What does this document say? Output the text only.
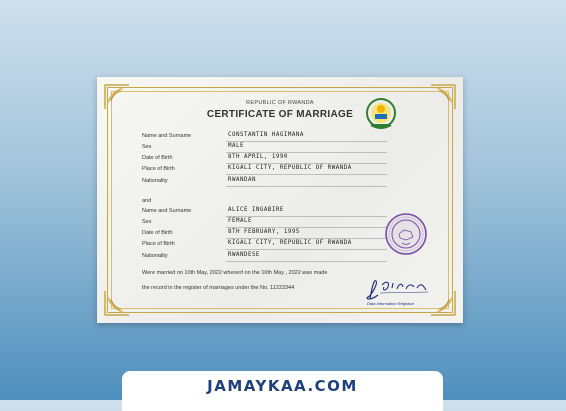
REPUBLIC OF RWANDA
CERTIFICATE OF MARRIAGE
Name and Surname	CONSTANTIN HAGIMANA
Sex	MALE
Date of Birth	8TH APRIL, 1990
Place of Birth	KIGALI CITY, REPUBLIC OF RWANDA
Nationality	RWANDAN
and
Name and Surname	ALICE INGABIRE
Sex	FEMALE
Date of Birth	8TH FEBRUARY, 1995
Place of Birth	KIGALI CITY, REPUBLIC OF RWANDA
Nationality	RWANDESE
Were married on 10th May, 2022 whereof on the 10th May , 2022 was made
the record in the register of marriages under the No. 11223344
Data Information Registrar
JAMAYKAA.COM
